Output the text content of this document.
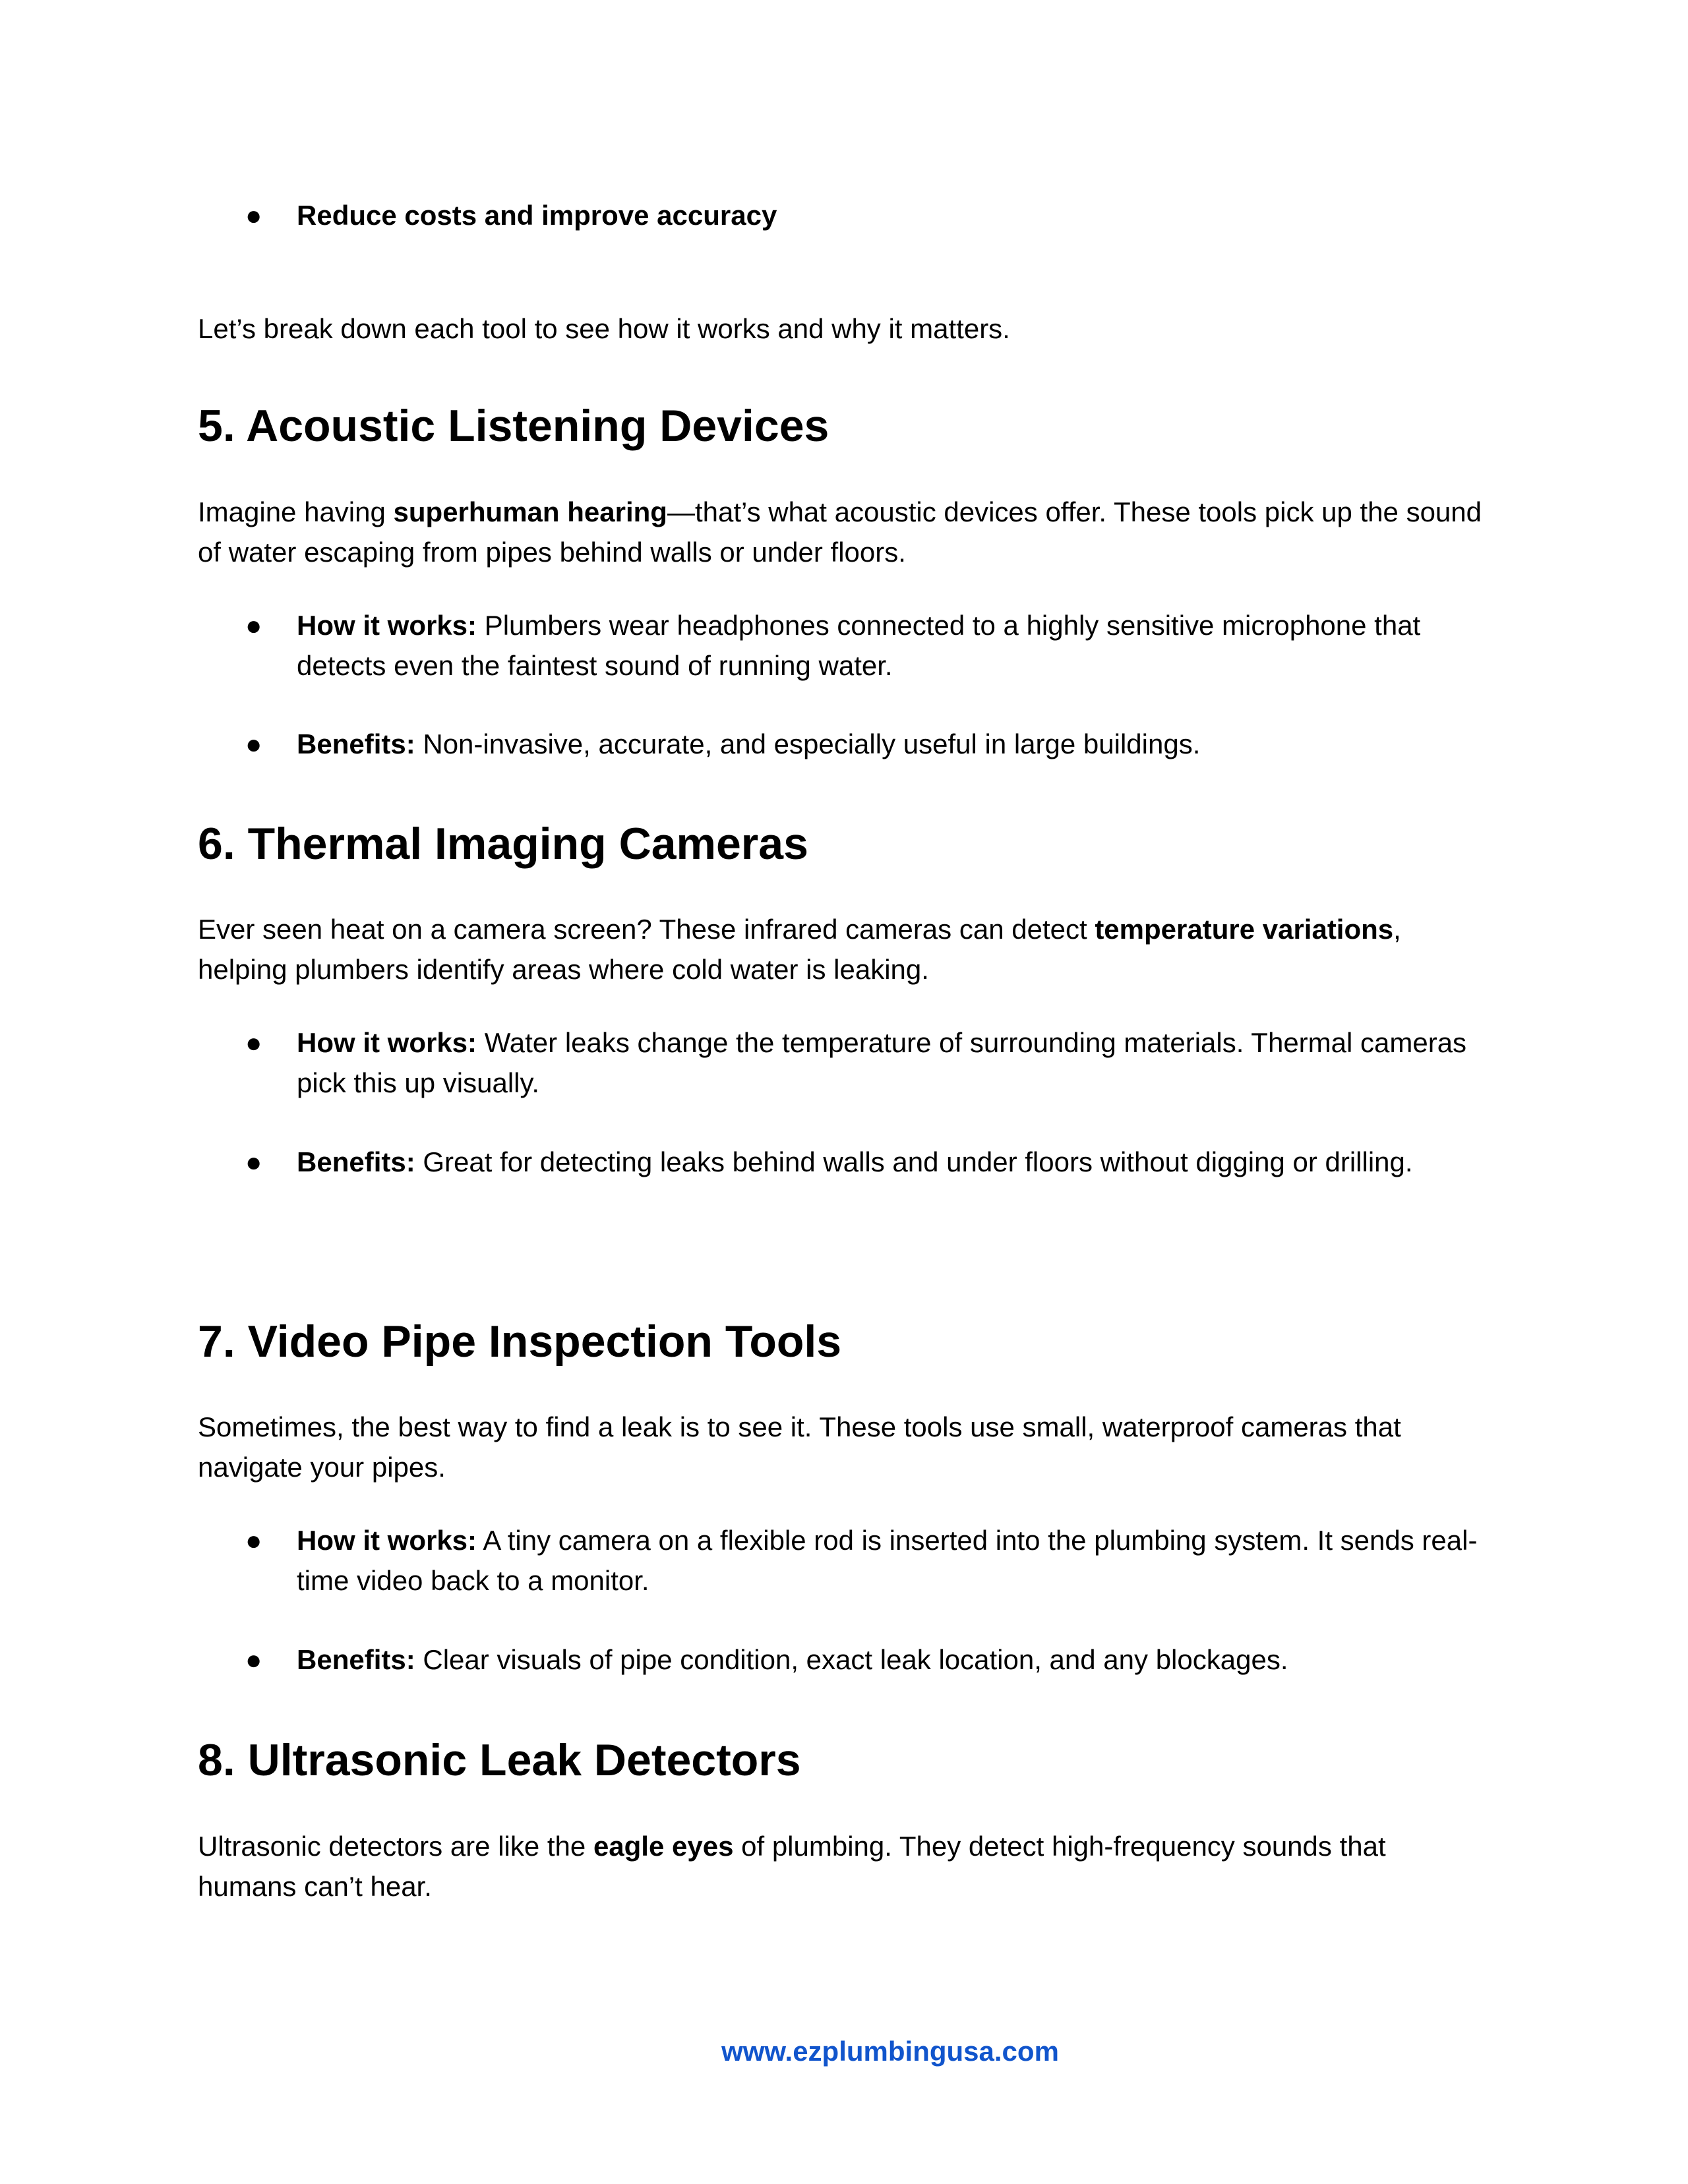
● Reduce costs and improve accuracy
Let’s break down each tool to see how it works and why it matters.
5. Acoustic Listening Devices
Imagine having superhuman hearing—that’s what acoustic devices offer. These tools pick up the sound of water escaping from pipes behind walls or under floors.
● How it works: Plumbers wear headphones connected to a highly sensitive microphone that detects even the faintest sound of running water.
● Benefits: Non-invasive, accurate, and especially useful in large buildings.
6. Thermal Imaging Cameras
Ever seen heat on a camera screen? These infrared cameras can detect temperature variations, helping plumbers identify areas where cold water is leaking.
● How it works: Water leaks change the temperature of surrounding materials. Thermal cameras pick this up visually.
● Benefits: Great for detecting leaks behind walls and under floors without digging or drilling.
7. Video Pipe Inspection Tools
Sometimes, the best way to find a leak is to see it. These tools use small, waterproof cameras that navigate your pipes.
● How it works: A tiny camera on a flexible rod is inserted into the plumbing system. It sends real-time video back to a monitor.
● Benefits: Clear visuals of pipe condition, exact leak location, and any blockages.
8. Ultrasonic Leak Detectors
Ultrasonic detectors are like the eagle eyes of plumbing. They detect high-frequency sounds that humans can’t hear.
www.ezplumbingusa.com
